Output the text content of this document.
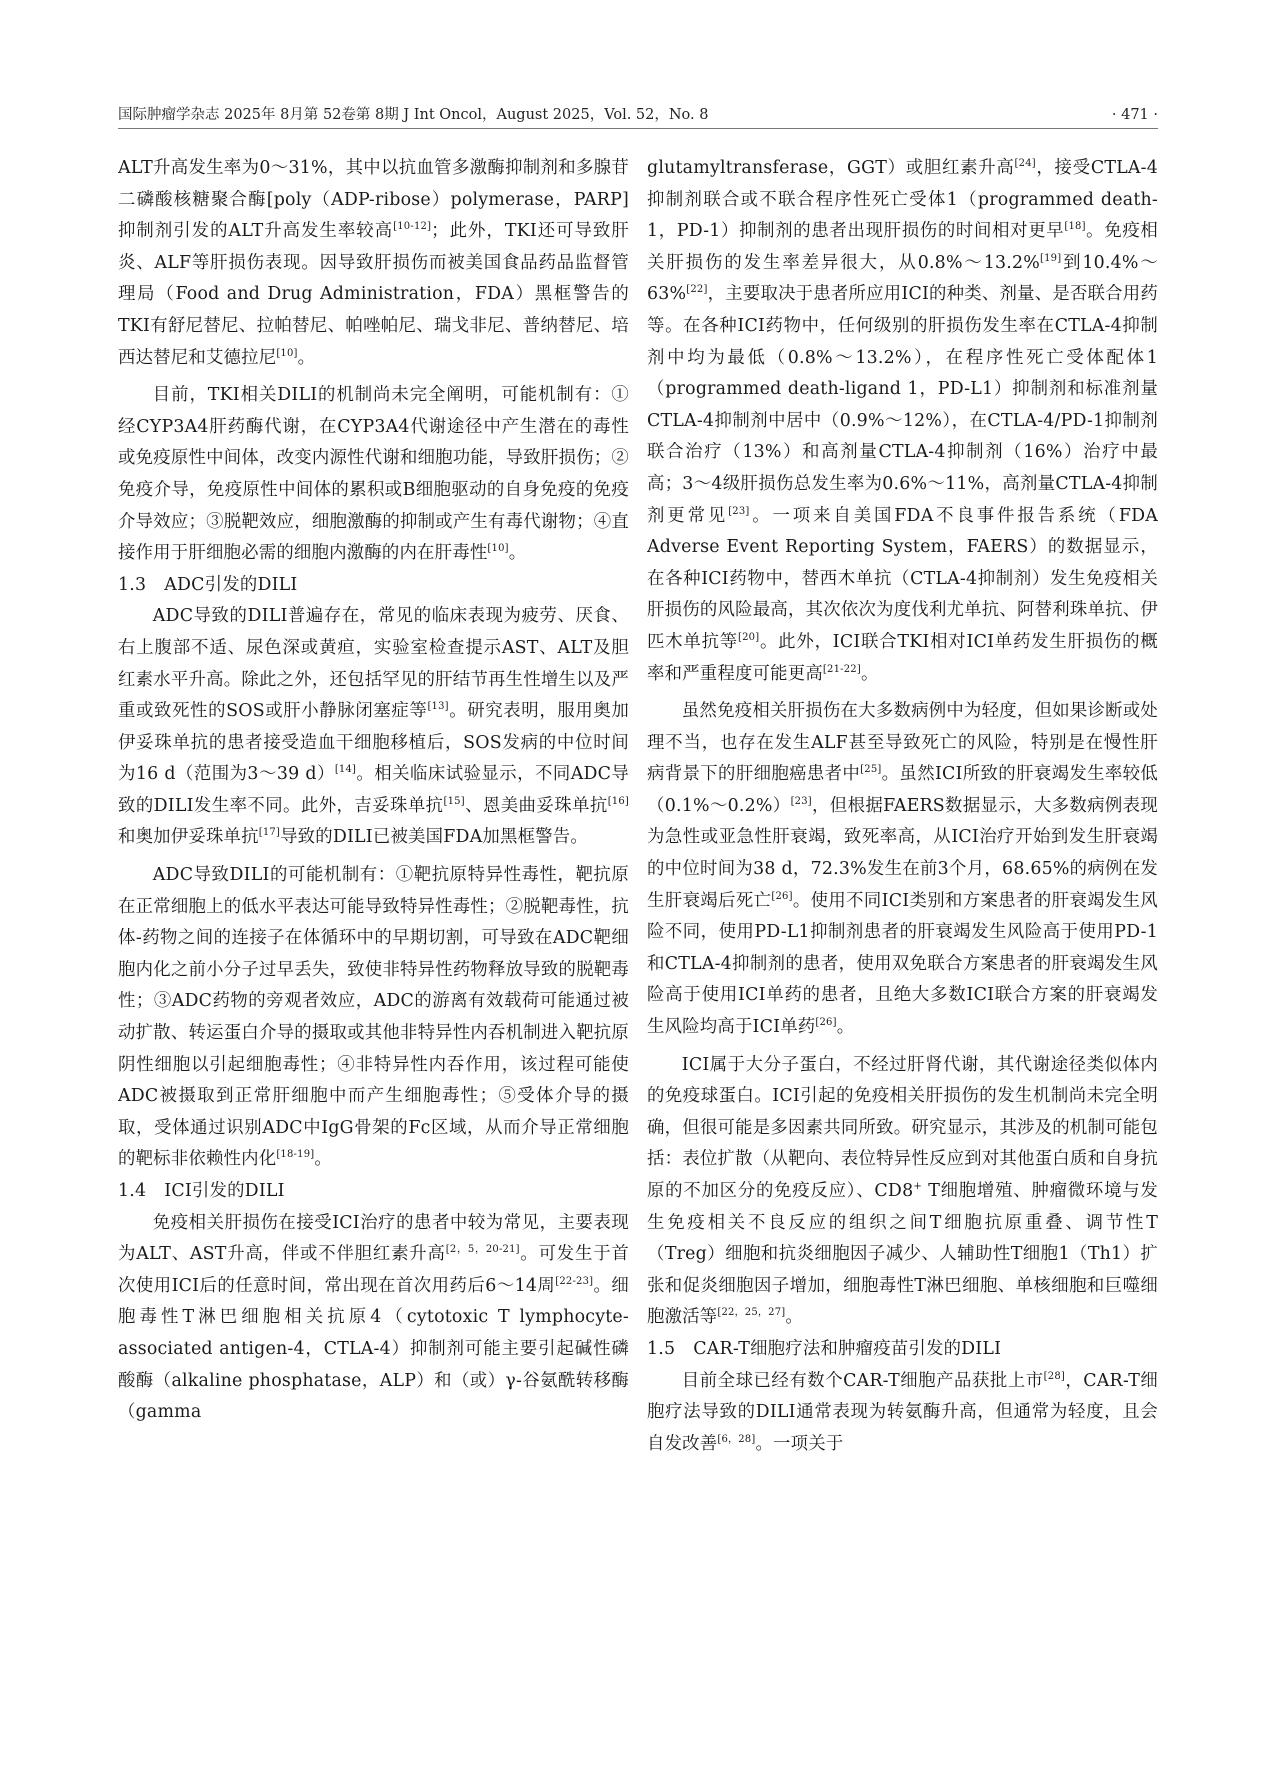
国际肿瘤学杂志 2025年 8月第 52卷第 8期 J Int Oncol，August 2025，Vol. 52，No. 8	· 471 ·

ALT升高发生率为0～31%，其中以抗血管多激酶抑制剂和多腺苷二磷酸核糖聚合酶[poly（ADP-ribose）polymerase，PARP]抑制剂引发的ALT升高发生率较高[10-12]；此外，TKI还可导致肝炎、ALF等肝损伤表现。因导致肝损伤而被美国食品药品监督管理局（Food and Drug Administration，FDA）黑框警告的TKI有舒尼替尼、拉帕替尼、帕唑帕尼、瑞戈非尼、普纳替尼、培西达替尼和艾德拉尼[10]。

目前，TKI相关DILI的机制尚未完全阐明，可能机制有：①经CYP3A4肝药酶代谢，在CYP3A4代谢途径中产生潜在的毒性或免疫原性中间体，改变内源性代谢和细胞功能，导致肝损伤；②免疫介导，免疫原性中间体的累积或B细胞驱动的自身免疫的免疫介导效应；③脱靶效应，细胞激酶的抑制或产生有毒代谢物；④直接作用于肝细胞必需的细胞内激酶的内在肝毒性[10]。

1.3 ADC引发的DILI

ADC导致的DILI普遍存在，常见的临床表现为疲劳、厌食、右上腹部不适、尿色深或黄疸，实验室检查提示AST、ALT及胆红素水平升高。除此之外，还包括罕见的肝结节再生性增生以及严重或致死性的SOS或肝小静脉闭塞症等[13]。研究表明，服用奥加伊妥珠单抗的患者接受造血干细胞移植后，SOS发病的中位时间为16 d（范围为3～39 d）[14]。相关临床试验显示，不同ADC导致的DILI发生率不同。此外，吉妥珠单抗[15]、恩美曲妥珠单抗[16]和奥加伊妥珠单抗[17]导致的DILI已被美国FDA加黑框警告。

ADC导致DILI的可能机制有：①靶抗原特异性毒性，靶抗原在正常细胞上的低水平表达可能导致特异性毒性；②脱靶毒性，抗体-药物之间的连接子在体循环中的早期切割，可导致在ADC靶细胞内化之前小分子过早丢失，致使非特异性药物释放导致的脱靶毒性；③ADC药物的旁观者效应，ADC的游离有效载荷可能通过被动扩散、转运蛋白介导的摄取或其他非特异性内吞机制进入靶抗原阴性细胞以引起细胞毒性；④非特异性内吞作用，该过程可能使ADC被摄取到正常肝细胞中而产生细胞毒性；⑤受体介导的摄取，受体通过识别ADC中IgG骨架的Fc区域，从而介导正常细胞的靶标非依赖性内化[18-19]。

1.4 ICI引发的DILI

免疫相关肝损伤在接受ICI治疗的患者中较为常见，主要表现为ALT、AST升高，伴或不伴胆红素升高[2，5，20-21]。可发生于首次使用ICI后的任意时间，常出现在首次用药后6～14周[22-23]。细胞毒性T淋巴细胞相关抗原4（cytotoxic T lymphocyte-associated antigen-4，CTLA-4）抑制剂可能主要引起碱性磷酸酶（alkaline phosphatase，ALP）和（或）γ-谷氨酰转移酶（gamma

glutamyltransferase，GGT）或胆红素升高[24]，接受CTLA-4抑制剂联合或不联合程序性死亡受体1（programmed death-1，PD-1）抑制剂的患者出现肝损伤的时间相对更早[18]。免疫相关肝损伤的发生率差异很大，从0.8%～13.2%[19]到10.4%～63%[22]，主要取决于患者所应用ICI的种类、剂量、是否联合用药等。在各种ICI药物中，任何级别的肝损伤发生率在CTLA-4抑制剂中均为最低（0.8%～13.2%），在程序性死亡受体配体1（programmed death-ligand 1，PD-L1）抑制剂和标准剂量CTLA-4抑制剂中居中（0.9%～12%），在CTLA-4/PD-1抑制剂联合治疗（13%）和高剂量CTLA-4抑制剂（16%）治疗中最高；3～4级肝损伤总发生率为0.6%～11%，高剂量CTLA-4抑制剂更常见[23]。一项来自美国FDA不良事件报告系统（FDA Adverse Event Reporting System，FAERS）的数据显示，在各种ICI药物中，替西木单抗（CTLA-4抑制剂）发生免疫相关肝损伤的风险最高，其次依次为度伐利尤单抗、阿替利珠单抗、伊匹木单抗等[20]。此外，ICI联合TKI相对ICI单药发生肝损伤的概率和严重程度可能更高[21-22]。

虽然免疫相关肝损伤在大多数病例中为轻度，但如果诊断或处理不当，也存在发生ALF甚至导致死亡的风险，特别是在慢性肝病背景下的肝细胞癌患者中[25]。虽然ICI所致的肝衰竭发生率较低（0.1%～0.2%）[23]，但根据FAERS数据显示，大多数病例表现为急性或亚急性肝衰竭，致死率高，从ICI治疗开始到发生肝衰竭的中位时间为38 d，72.3%发生在前3个月，68.65%的病例在发生肝衰竭后死亡[26]。使用不同ICI类别和方案患者的肝衰竭发生风险不同，使用PD-L1抑制剂患者的肝衰竭发生风险高于使用PD-1和CTLA-4抑制剂的患者，使用双免联合方案患者的肝衰竭发生风险高于使用ICI单药的患者，且绝大多数ICI联合方案的肝衰竭发生风险均高于ICI单药[26]。

ICI属于大分子蛋白，不经过肝肾代谢，其代谢途径类似体内的免疫球蛋白。ICI引起的免疫相关肝损伤的发生机制尚未完全明确，但很可能是多因素共同所致。研究显示，其涉及的机制可能包括：表位扩散（从靶向、表位特异性反应到对其他蛋白质和自身抗原的不加区分的免疫反应）、CD8+ T细胞增殖、肿瘤微环境与发生免疫相关不良反应的组织之间T细胞抗原重叠、调节性T（Treg）细胞和抗炎细胞因子减少、人辅助性T细胞1（Th1）扩张和促炎细胞因子增加，细胞毒性T淋巴细胞、单核细胞和巨噬细胞激活等[22，25，27]。

1.5 CAR-T细胞疗法和肿瘤疫苗引发的DILI

目前全球已经有数个CAR-T细胞产品获批上市[28]，CAR-T细胞疗法导致的DILI通常表现为转氨酶升高，但通常为轻度，且会自发改善[6，28]。一项关于
